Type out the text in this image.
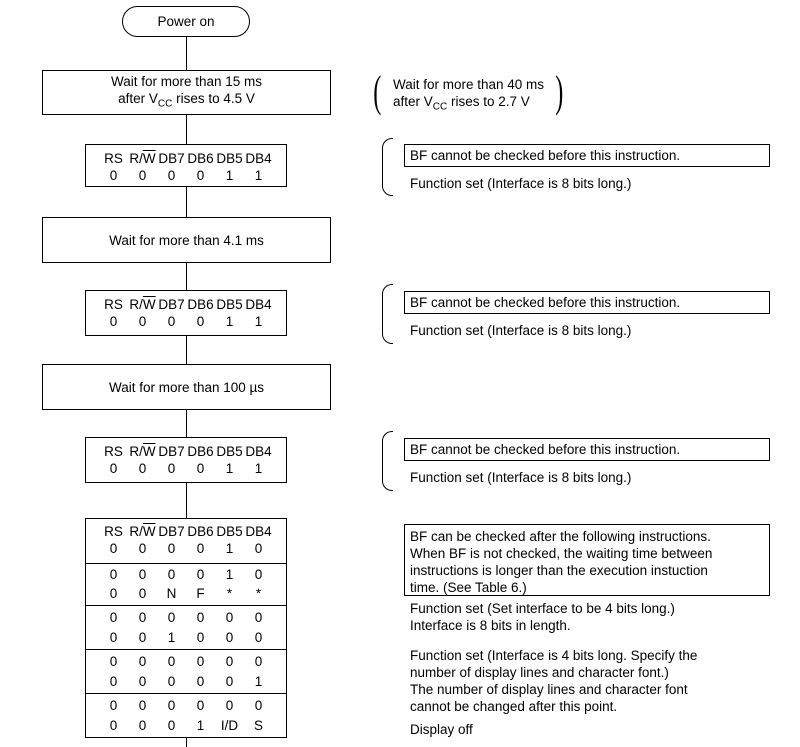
Power on
Wait for more than 15 ms
after $V_{CC}$ rises to 4.5 V	( Wait for more than 40 ms
after $V_{CC}$ rises to 2.7 V )
RS $R/\overline{W}$ DB7 DB6 DB5 DB4
0	0	0	0	1	1
BF cannot be checked before this instruction.
Function set (Interface is 8 bits long.)
Wait for more than 4.1 ms
RS $R/\overline{W}$ DB7 DB6 DB5 DB4
0	0	0	0	1	1
BF cannot be checked before this instruction.
Function set (Interface is 8 bits long.)
Wait for more than 100 µs
RS $R/\overline{W}$ DB7 DB6 DB5 DB4
0	0	0	0	1	1
BF cannot be checked before this instruction.
Function set (Interface is 8 bits long.)
RS $R/\overline{W}$ DB7 DB6 DB5 DB4
0	0	0	0	1	0
0	0	0	0	1	0
0	0	N	F	*	*
0	0	0	0	0	0
0	0	1	0	0	0
0	0	0	0	0	0
0	0	0	0	0	1
0	0	0	0	0	0
0	0	0	1	I/D	S
BF can be checked after the following instructions.
When BF is not checked, the waiting time between
instructions is longer than the execution instuction
time. (See Table 6.)
Function set (Set interface to be 4 bits long.)
Interface is 8 bits in length.
Function set (Interface is 4 bits long. Specify the
number of display lines and character font.)
The number of display lines and character font
cannot be changed after this point.
Display off
